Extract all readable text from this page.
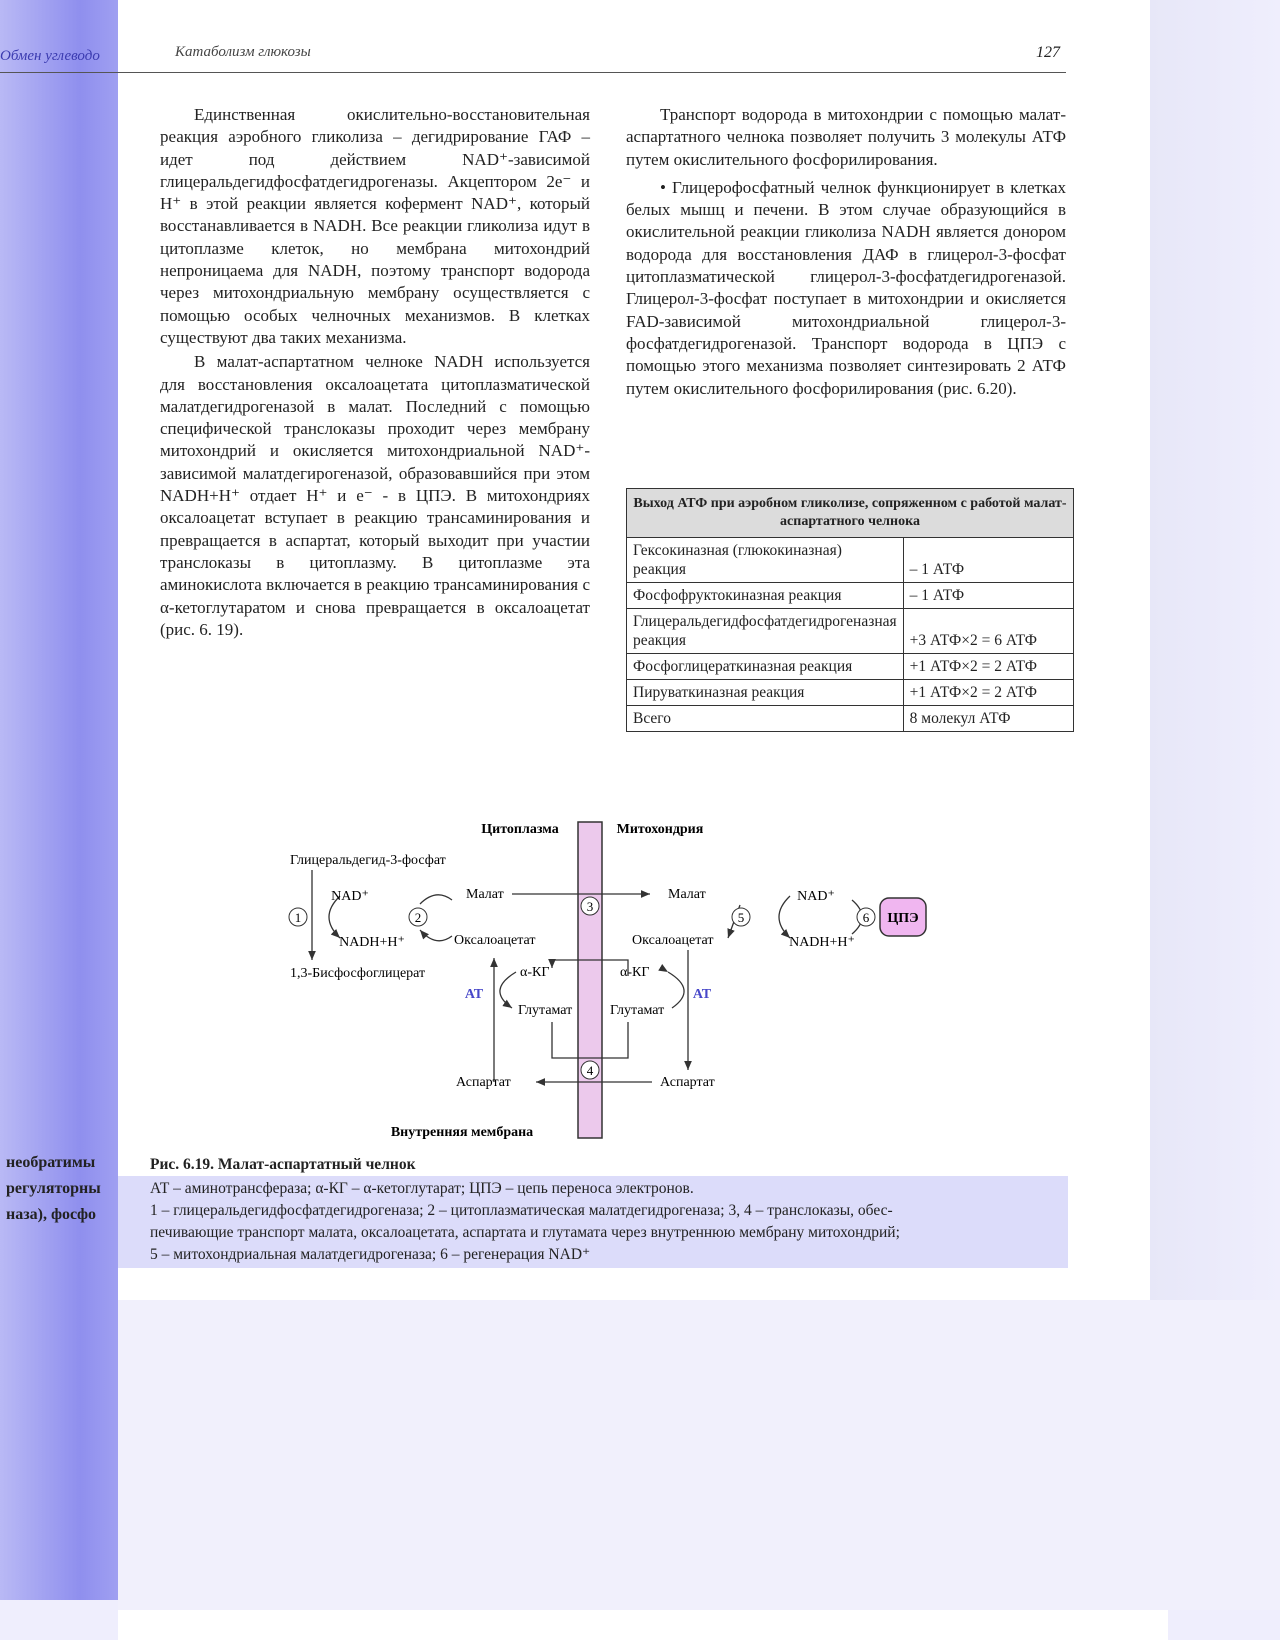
Обмен углеводо
необратимы
регуляторны
наза), фосфо
Катаболизм глюкозы	127

Единственная окислительно-восстановительная реакция аэробного гликолиза – дегидрирование ГАФ – идет под действием NAD⁺-зависимой глицеральдегидфосфатдегидрогеназы. Акцептором 2e⁻ и H⁺ в этой реакции является кофермент NAD⁺, который восстанавливается в NADH. Все реакции гликолиза идут в цитоплазме клеток, но мембрана митохондрий непроницаема для NADH, поэтому транспорт водорода через митохондриальную мембрану осуществляется с помощью особых челночных механизмов. В клетках существуют два таких механизма.

В малат-аспартатном челноке NADH используется для восстановления оксалоацетата цитоплазматической малатдегидрогеназой в малат. Последний с помощью специфической транслоказы проходит через мембрану митохондрий и окисляется митохондриальной NAD⁺-зависимой малатдегирогеназой, образовавшийся при этом NADH+H⁺ отдает H⁺ и e⁻ - в ЦПЭ. В митохондриях оксалоацетат вступает в реакцию трансаминирования и превращается в аспартат, который выходит при участии транслоказы в цитоплазму. В цитоплазме эта аминокислота включается в реакцию трансаминирования с α-кетоглутаратом и снова превращается в оксалоацетат (рис. 6. 19).

Транспорт водорода в митохондрии с помощью малат-аспартатного челнока позволяет получить 3 молекулы АТФ путем окислительного фосфорилирования.

• Глицерофосфатный челнок функционирует в клетках белых мышц и печени. В этом случае образующийся в окислительной реакции гликолиза NADH является донором водорода для восстановления ДАФ в глицерол-3-фосфат цитоплазматической глицерол-3-фосфатдегидрогеназой. Глицерол-3-фосфат поступает в митохондрии и окисляется FAD-зависимой митохондриальной глицерол-3-фосфатдегидрогеназой. Транспорт водорода в ЦПЭ с помощью этого механизма позволяет синтезировать 2 АТФ путем окислительного фосфорилирования (рис. 6.20).

Выход АТФ при аэробном гликолизе, сопряженном с работой малат-аспартатного челнока	
Гексокиназная (глюкокиназная) реакция	– 1 АТФ
Фосфофруктокиназная реакция	– 1 АТФ
Глицеральдегидфосфатдегидрогеназная реакция	+3 АТФ×2 = 6 АТФ
Фосфоглицераткиназная реакция	+1 АТФ×2 = 2 АТФ
Пируваткиназная реакция	+1 АТФ×2 = 2 АТФ
Всего	8 молекул АТФ
Цитоплазма	Митохондрия
Внутренняя мембрана
Глицеральдегид-3-фосфат
1,3-Бисфосфоглицерат
1
NAD⁺
NADH+H⁺
2
Малат	Малат
3
Оксалоацетат	Оксалоацетат
5
NAD⁺
NADH+H⁺
6 ЦПЭ
α-КГ	α-КГ
АТ	АТ
Глутамат	Глутамат
4
Аспартат	Аспартат
Рис. 6.19. Малат-аспартатный челнок
АТ – аминотрансфераза; α-КГ – α-кетоглутарат; ЦПЭ – цепь переноса электронов.
1 – глицеральдегидфосфатдегидрогеназа; 2 – цитоплазматическая малатдегидрогеназа; 3, 4 – транслоказы, обес-
печивающие транспорт малата, оксалоацетата, аспартата и глутамата через внутреннюю мембрану митохондрий;
5 – митохондриальная малатдегидрогеназа; 6 – регенерация NAD⁺
